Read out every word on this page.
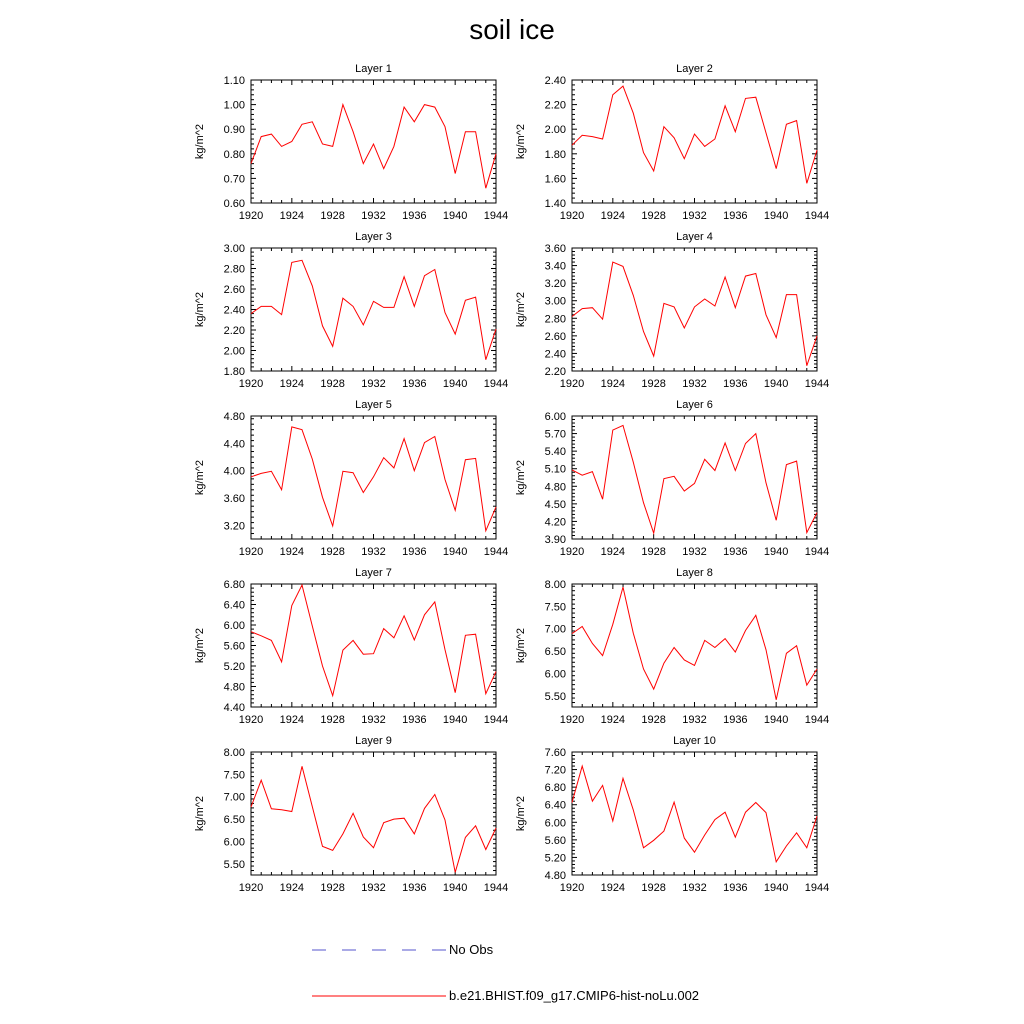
soil ice
Layer 1
kg/m^2
1920 1924 1928 1932 1936 1940 1944
0.60
0.70
0.80
0.90
1.00
1.10
Layer 2
kg/m^2
1920 1924 1928 1932 1936 1940 1944
1.40
1.60
1.80
2.00
2.20
2.40
Layer 3
kg/m^2
1920 1924 1928 1932 1936 1940 1944
1.80
2.00
2.20
2.40
2.60
2.80
3.00
Layer 4
kg/m^2
1920 1924 1928 1932 1936 1940 1944
2.20
2.40
2.60
2.80
3.00
3.20
3.40
3.60
Layer 5
kg/m^2
1920 1924 1928 1932 1936 1940 1944
3.20
3.60
4.00
4.40
4.80
Layer 6
kg/m^2
1920 1924 1928 1932 1936 1940 1944
3.90
4.20
4.50
4.80
5.10
5.40
5.70
6.00
Layer 7
kg/m^2
1920 1924 1928 1932 1936 1940 1944
4.40
4.80
5.20
5.60
6.00
6.40
6.80
Layer 8
kg/m^2
1920 1924 1928 1932 1936 1940 1944
5.50
6.00
6.50
7.00
7.50
8.00
Layer 9
kg/m^2
1920 1924 1928 1932 1936 1940 1944
5.50
6.00
6.50
7.00
7.50
8.00
Layer 10
kg/m^2
1920 1924 1928 1932 1936 1940 1944
4.80
5.20
5.60
6.00
6.40
6.80
7.20
7.60
No Obs
b.e21.BHIST.f09_g17.CMIP6-hist-noLu.002
